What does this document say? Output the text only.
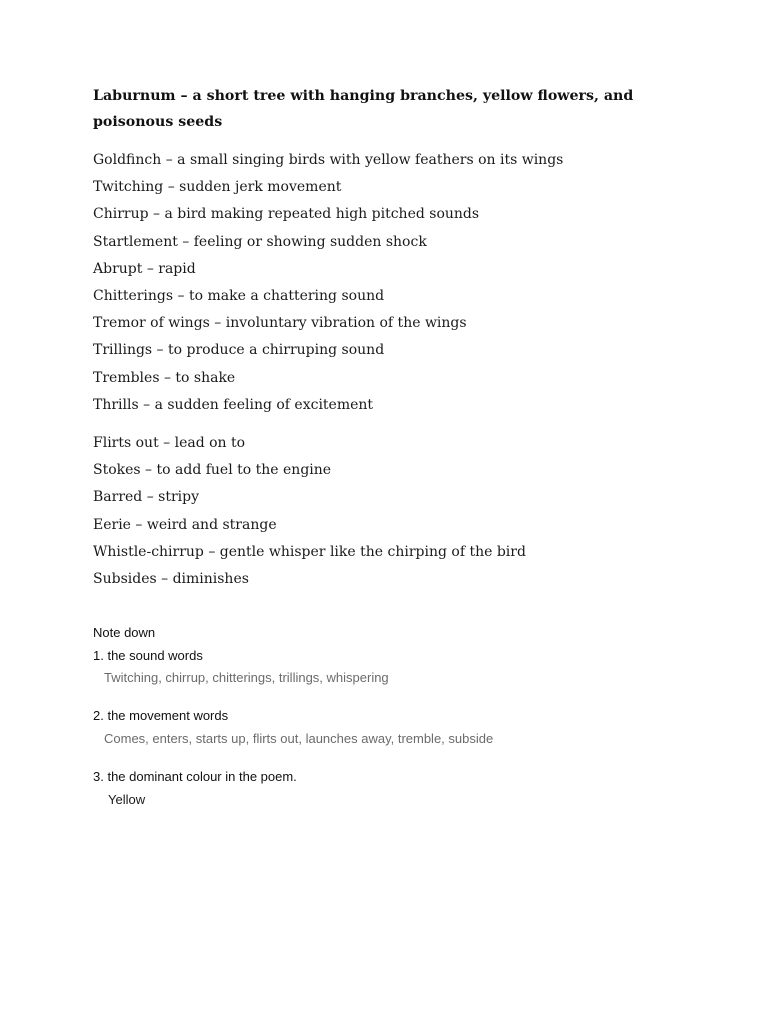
Laburnum – a short tree with hanging branches, yellow flowers, and poisonous seeds
Goldfinch – a small singing birds with yellow feathers on its wings
Twitching – sudden jerk movement
Chirrup – a bird making repeated high pitched sounds
Startlement – feeling or showing sudden shock
Abrupt – rapid
Chitterings – to make a chattering sound
Tremor of wings – involuntary vibration of the wings
Trillings – to produce a chirruping sound
Trembles – to shake
Thrills – a sudden feeling of excitement
Flirts out – lead on to
Stokes – to add fuel to the engine
Barred – stripy
Eerie – weird and strange
Whistle-chirrup – gentle whisper like the chirping of the bird
Subsides – diminishes
Note down
1. the sound words
Twitching, chirrup, chitterings, trillings, whispering
2. the movement words
Comes, enters, starts up, flirts out, launches away, tremble, subside
3. the dominant colour in the poem.
Yellow
